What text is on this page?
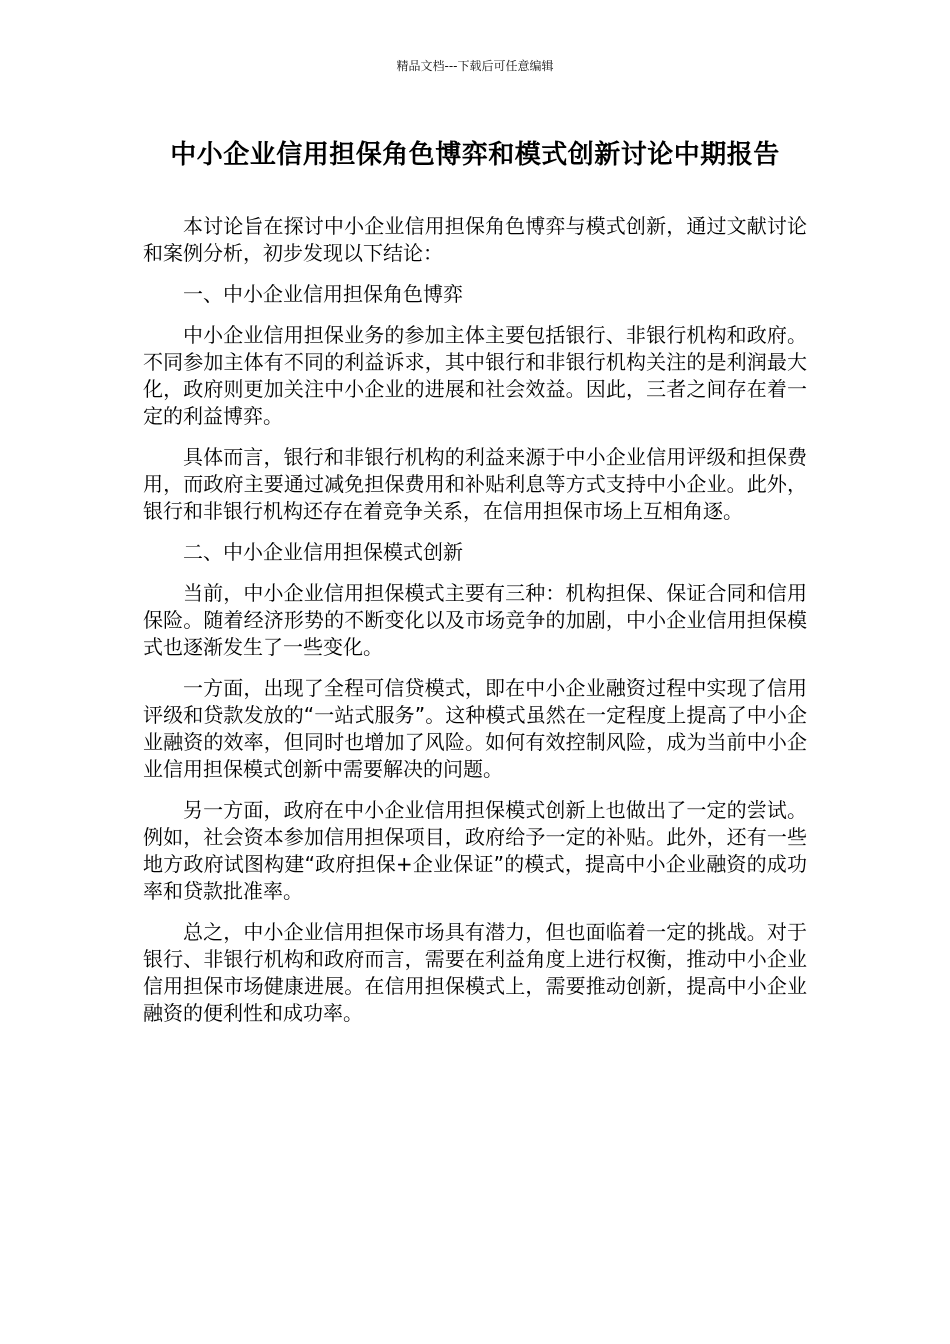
精品文档---下载后可任意编辑
中小企业信用担保角色博弈和模式创新讨论中期报告

本讨论旨在探讨中小企业信用担保角色博弈与模式创新，通过文献讨论和案例分析，初步发现以下结论：

一、中小企业信用担保角色博弈

中小企业信用担保业务的参加主体主要包括银行、非银行机构和政府。不同参加主体有不同的利益诉求，其中银行和非银行机构关注的是利润最大化，政府则更加关注中小企业的进展和社会效益。因此，三者之间存在着一定的利益博弈。

具体而言，银行和非银行机构的利益来源于中小企业信用评级和担保费用，而政府主要通过减免担保费用和补贴利息等方式支持中小企业。此外，银行和非银行机构还存在着竞争关系，在信用担保市场上互相角逐。

二、中小企业信用担保模式创新

当前，中小企业信用担保模式主要有三种：机构担保、保证合同和信用保险。随着经济形势的不断变化以及市场竞争的加剧，中小企业信用担保模式也逐渐发生了一些变化。

一方面，出现了全程可信贷模式，即在中小企业融资过程中实现了信用评级和贷款发放的“一站式服务”。这种模式虽然在一定程度上提高了中小企业融资的效率，但同时也增加了风险。如何有效控制风险，成为当前中小企业信用担保模式创新中需要解决的问题。

另一方面，政府在中小企业信用担保模式创新上也做出了一定的尝试。例如，社会资本参加信用担保项目，政府给予一定的补贴。此外，还有一些地方政府试图构建“政府担保+企业保证”的模式，提高中小企业融资的成功率和贷款批准率。

总之，中小企业信用担保市场具有潜力，但也面临着一定的挑战。对于银行、非银行机构和政府而言，需要在利益角度上进行权衡，推动中小企业信用担保市场健康进展。在信用担保模式上，需要推动创新，提高中小企业融资的便利性和成功率。
